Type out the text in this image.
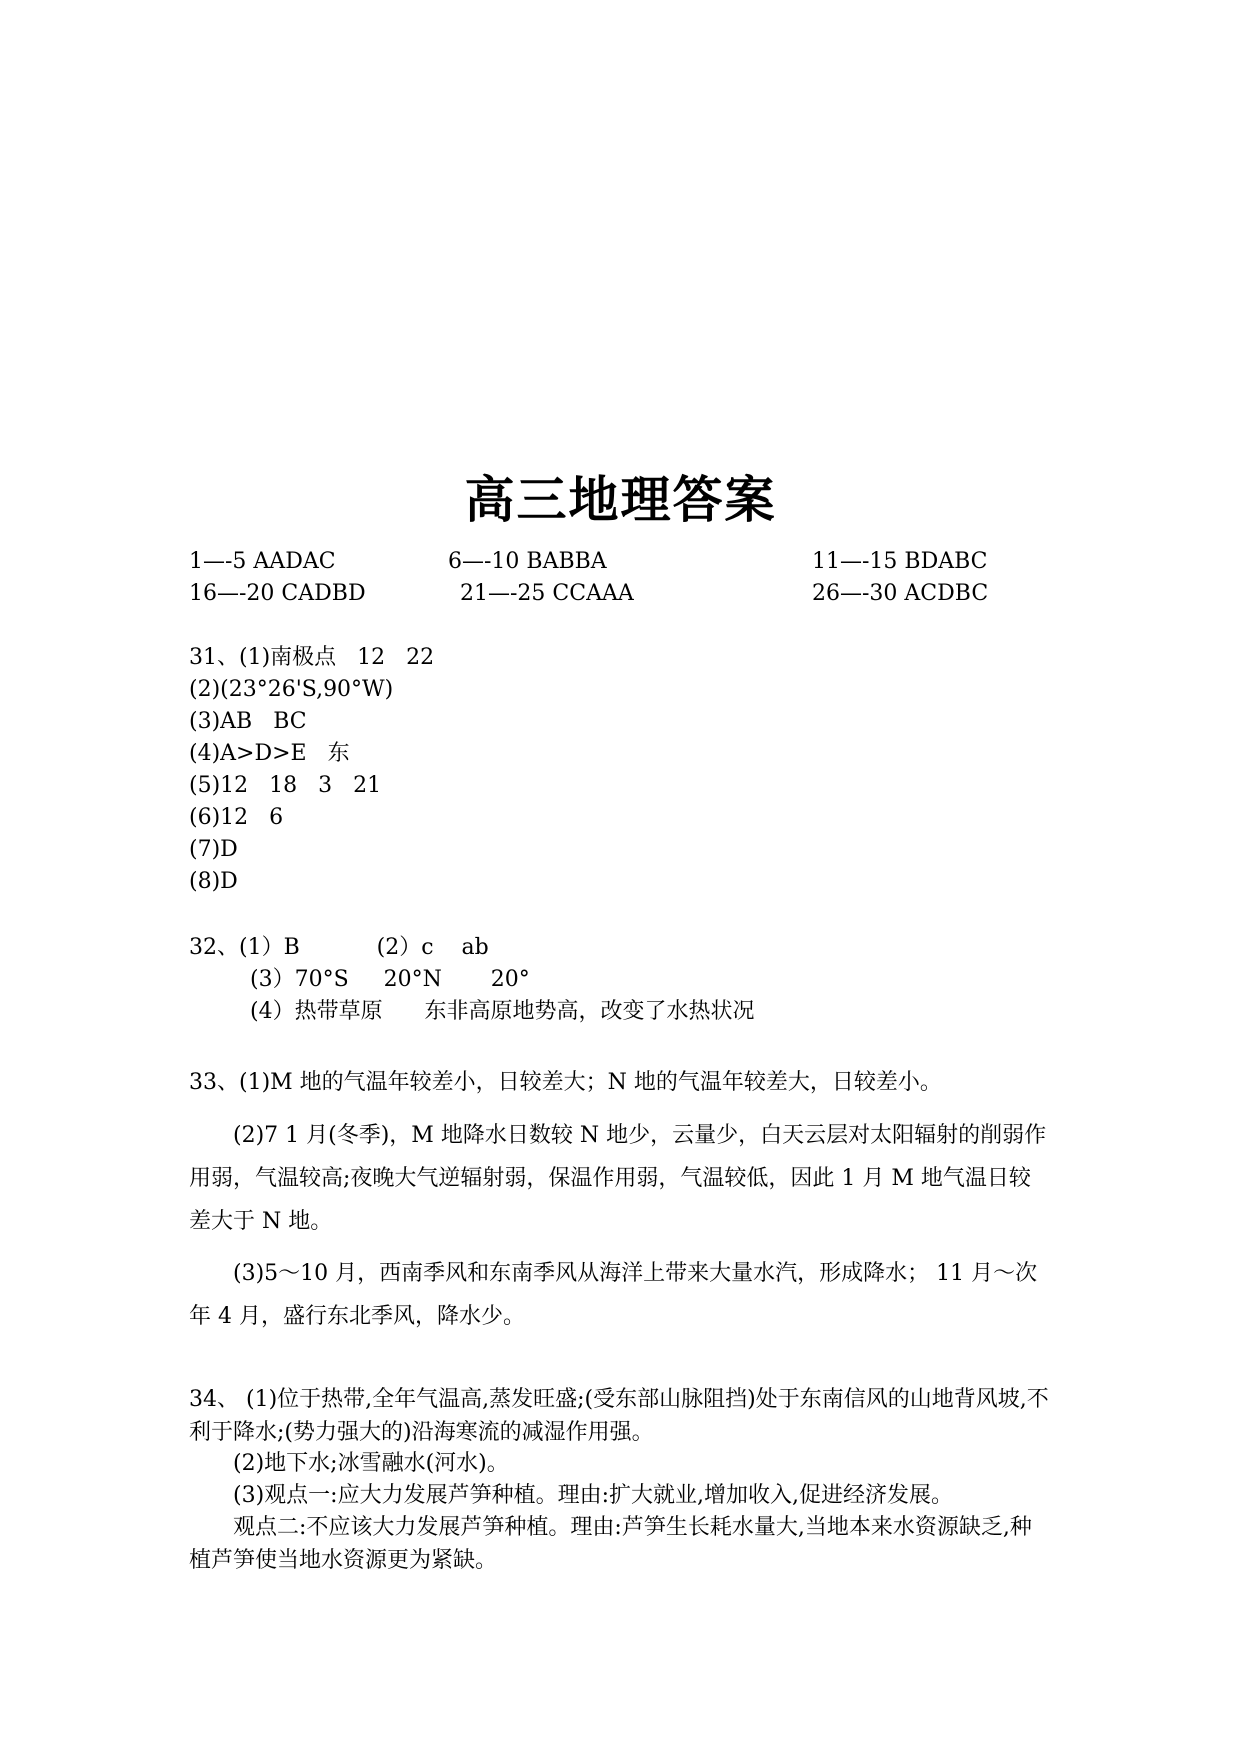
高三地理答案
1—-5 AADAC	6—-10 BABBA	11—-15 BDABC
16—-20 CADBD	21—-25 CCAAA	26—-30 ACDBC
31、(1)南极点   12   22
(2)(23°26'S,90°W)
(3)AB   BC
(4)A>D>E   东
(5)12   18   3   21
(6)12   6
(7)D
(8)D
32、(1）B           (2）c    ab
(3）70°S     20°N       20°
(4）热带草原      东非高原地势高，改变了水热状况
33、(1)M 地的气温年较差小，日较差大；N 地的气温年较差大，日较差小。
(2)7 1 月(冬季)，M 地降水日数较 N 地少，云量少，白天云层对太阳辐射的削弱作用弱，气温较高;夜晚大气逆辐射弱，保温作用弱，气温较低，因此 1 月 M 地气温日较差大于 N 地。
(3)5～10 月，西南季风和东南季风从海洋上带来大量水汽，形成降水； 11 月～次年 4 月，盛行东北季风，降水少。
34、 (1)位于热带,全年气温高,蒸发旺盛;(受东部山脉阻挡)处于东南信风的山地背风坡,不利于降水;(势力强大的)沿海寒流的减湿作用强。
(2)地下水;冰雪融水(河水)。
(3)观点一:应大力发展芦笋种植。理由:扩大就业,增加收入,促进经济发展。
观点二:不应该大力发展芦笋种植。理由:芦笋生长耗水量大,当地本来水资源缺乏,种植芦笋使当地水资源更为紧缺。
